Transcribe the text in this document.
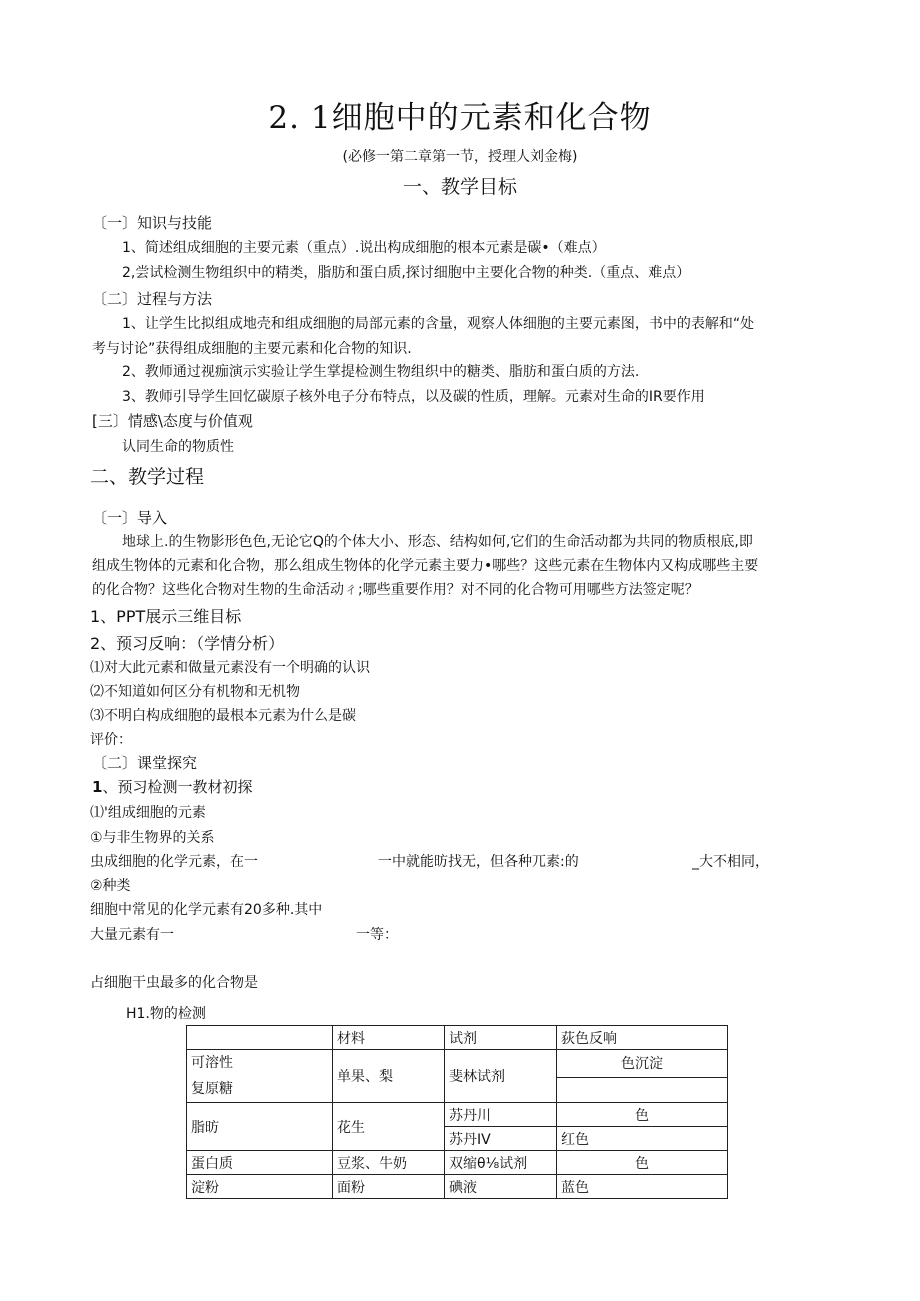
2. 1细胞中的元素和化合物
(必修一第二章第一节，授理人刘金梅)
一、教学目标
〔一〕知识与技能
1、简述组成细胞的主要元素（重点）.说出构成细胞的根本元素是碳•（难点）
2,尝试检测生物组织中的精类，脂肪和蛋白质,探讨细胞中主要化合物的种类.（重点、难点）
〔二〕过程与方法
1、让学生比拟组成地壳和组成细胞的局部元素的含量，观察人体细胞的主要元素图，书中的表解和“处
考与讨论”获得组成细胞的主要元素和化合物的知识.
2、教师通过视痂演示实验让学生掌提检测生物组织中的糖类、脂肪和蛋白质的方法.
3、教师引导学生回忆碳原子核外电子分布特点，以及碳的性质，理解。元素对生命的IR要作用
[三〕情感\态度与价值观
认同生命的物质性
二、教学过程
〔一〕导入
地球上.的生物影形色色,无论它Q的个体大小、形态、结构如何,它们的生命活动都为共同的物质根底,即
组成生物体的元素和化合物，那么组成生物体的化学元素主要力•哪些？这些元素在生物体内又构成哪些主要
的化合物？这些化合物对生物的生命活动ㄔ;哪些重要作用？对不同的化合物可用哪些方法签定呢？
1、PPT展示三维目标
2、预习反响：（学情分析）
⑴对大此元素和做量元素没有一个明确的认识
⑵不知道如何区分有机物和无机物
⑶不明白构成细胞的最根本元素为什么是碳
评价：
〔二〕课堂探究
1、预习检测一教材初探
⑴'组成细胞的元素
①与非生物界的关系
虫成细胞的化学元素，在一	一中就能昉找无，但各种兀素:的	_大不相同，
②种类
细胞中常见的化学元素有20多种.其中
大量元素有一	一等：
占细胞干虫最多的化合物是
H1.物的检测
	材料	试剂	荻色反响

可溶性
复原糖	单果、梨	斐林试剂	色沉淀

脂昉	花生	苏丹川	色
		苏丹IV	红色
蛋白质	豆浆、牛奶	双缩θ⅛试剂	色
淀粉	面粉	碘液	蓝色
